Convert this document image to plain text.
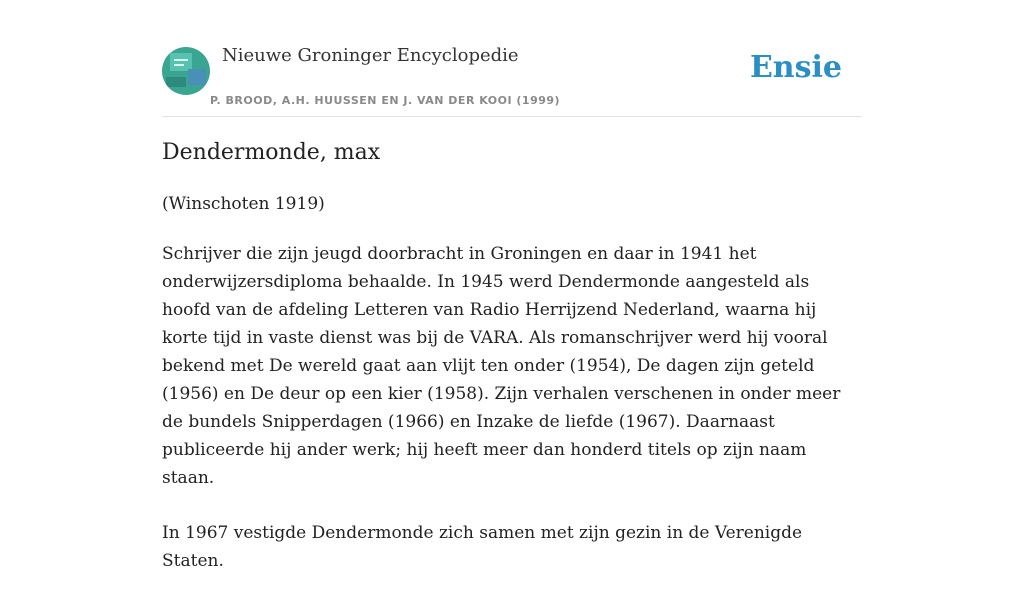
Nieuwe Groninger Encyclopedie
P. BROOD, A.H. HUUSSEN EN J. VAN DER KOOI (1999)
Ensie
Dendermonde, max
(Winschoten 1919)

Schrijver die zijn jeugd doorbracht in Groningen en daar in 1941 het onderwijzersdiploma behaalde. In 1945 werd Dendermonde aangesteld als hoofd van de afdeling Letteren van Radio Herrijzend Nederland, waarna hij korte tijd in vaste dienst was bij de VARA. Als romanschrijver werd hij vooral bekend met De wereld gaat aan vlijt ten onder (1954), De dagen zijn geteld (1956) en De deur op een kier (1958). Zijn verhalen verschenen in onder meer de bundels Snipperdagen (1966) en Inzake de liefde (1967). Daarnaast publiceerde hij ander werk; hij heeft meer dan honderd titels op zijn naam staan.

In 1967 vestigde Dendermonde zich samen met zijn gezin in de Verenigde Staten.
